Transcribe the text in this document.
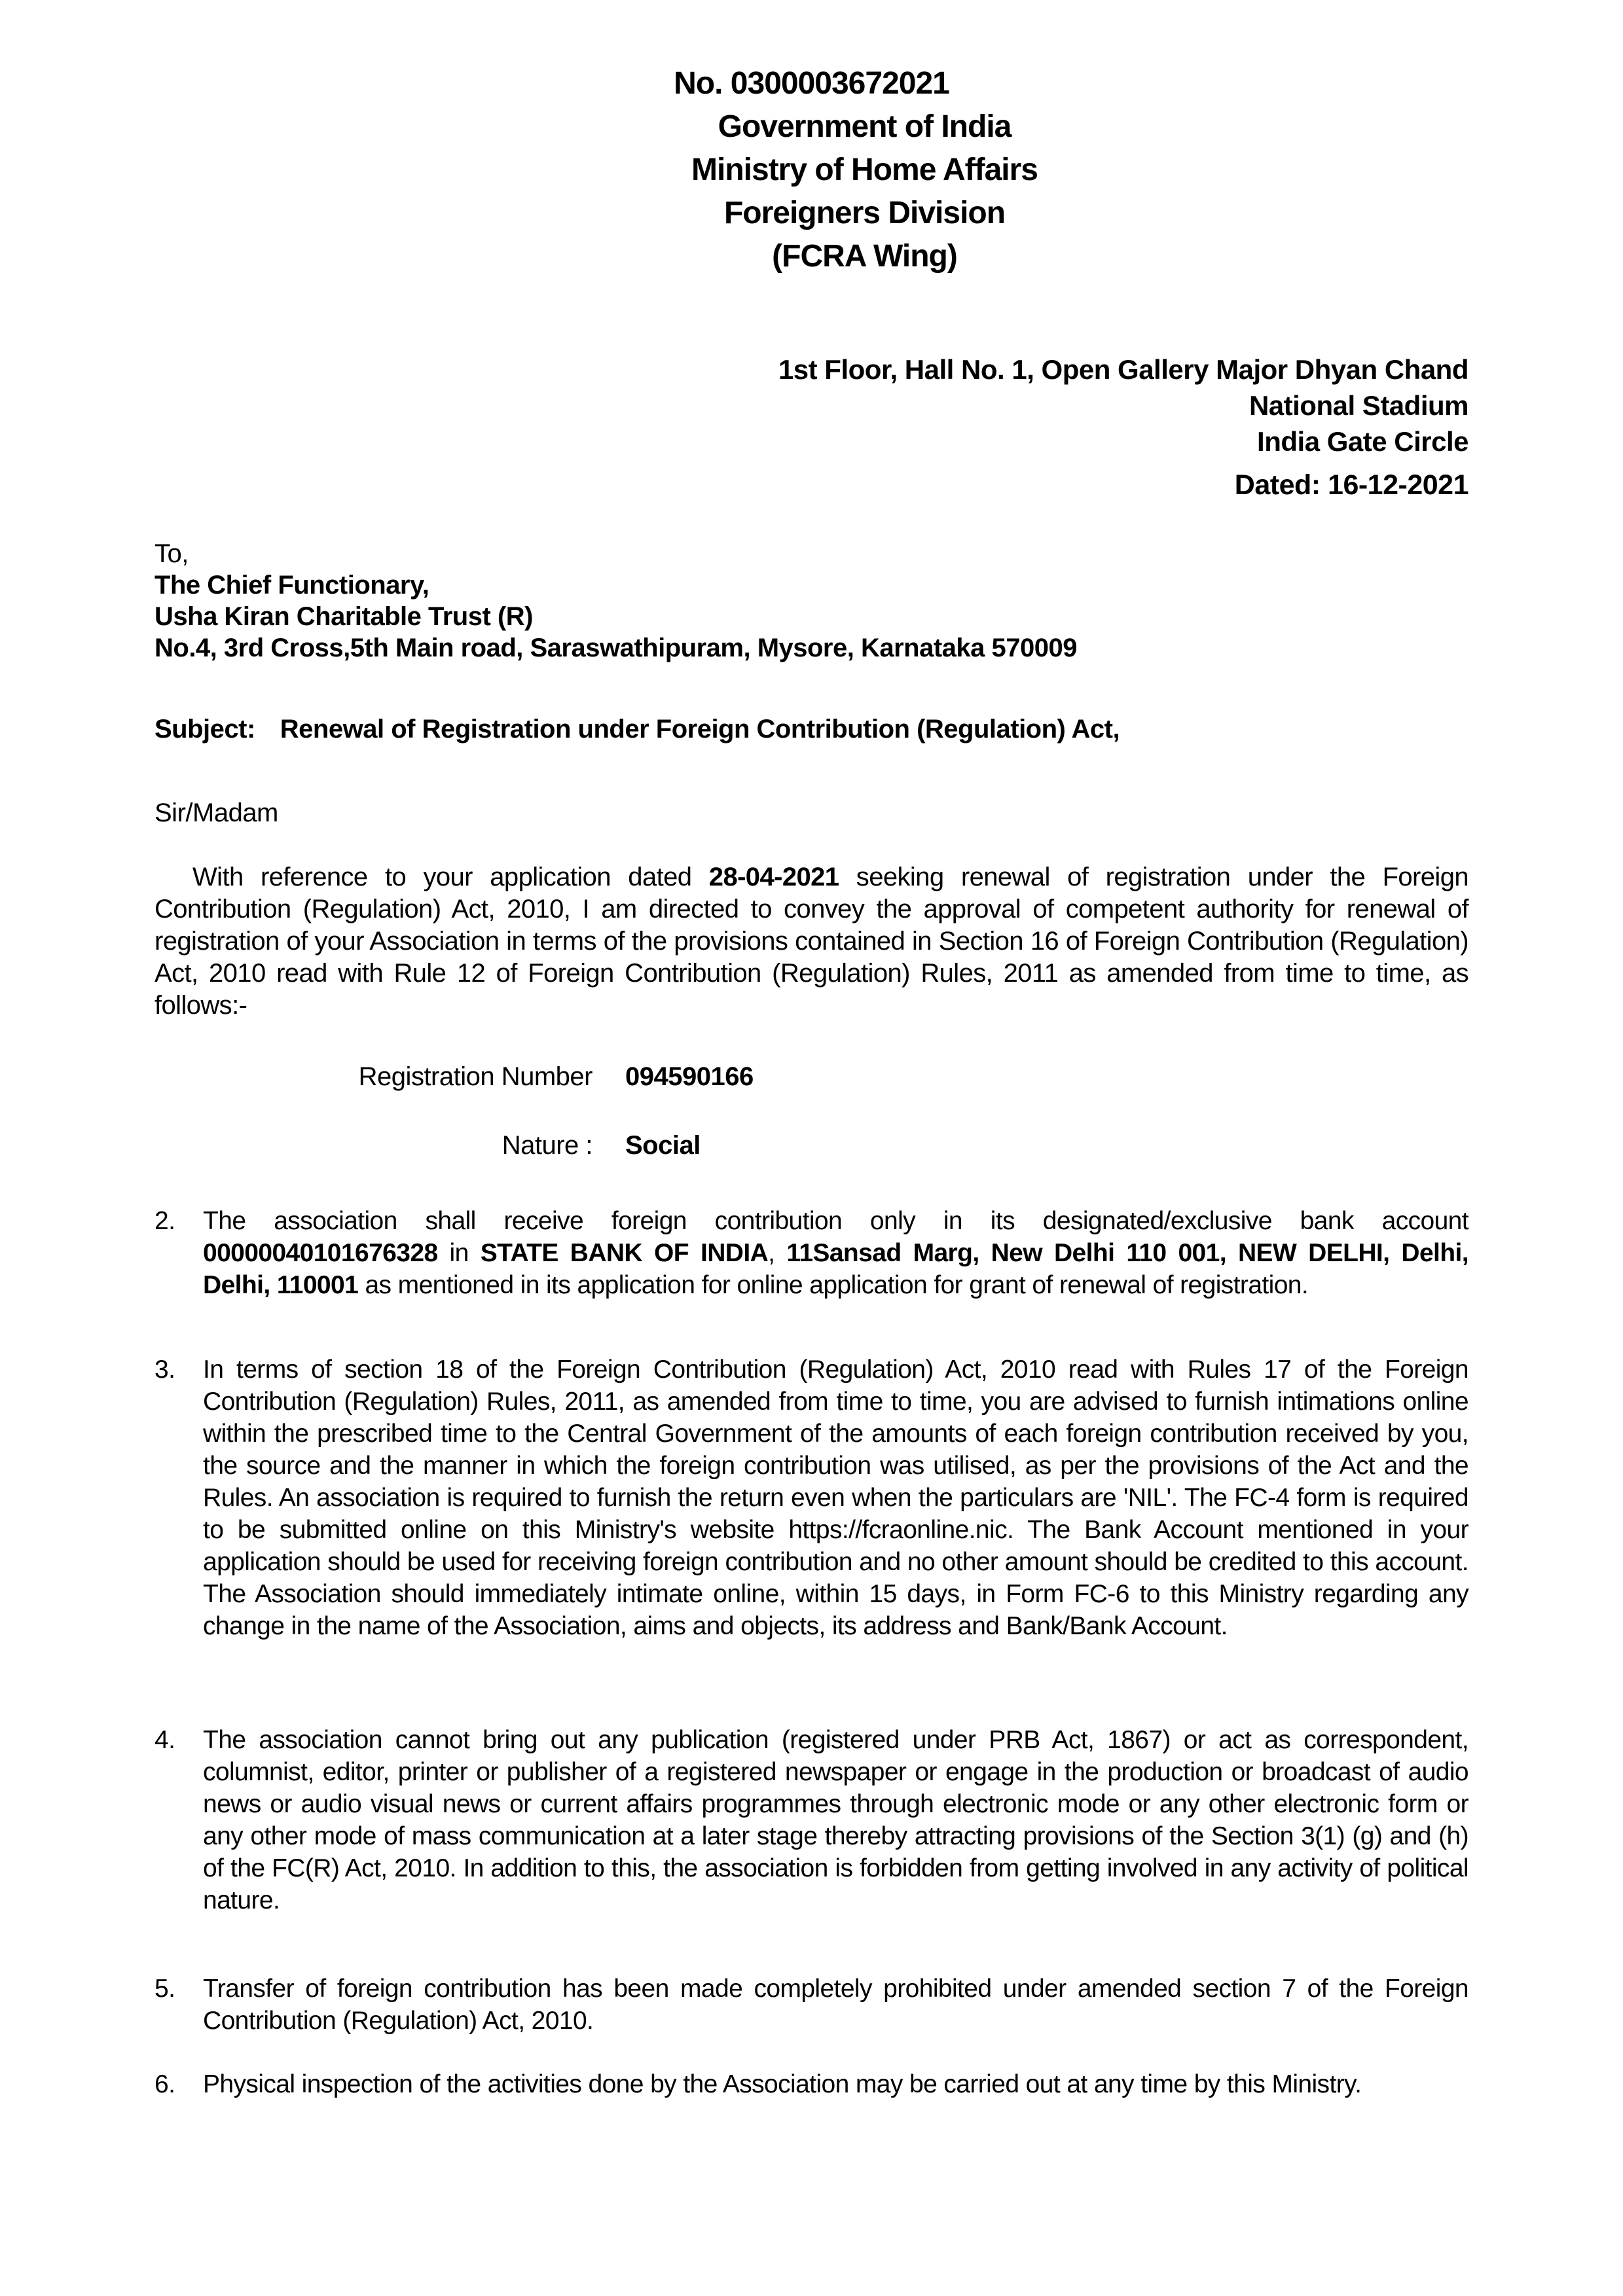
No. 0300003672021
Government of India
Ministry of Home Affairs
Foreigners Division
(FCRA Wing)
1st Floor, Hall No. 1, Open Gallery Major Dhyan Chand
National Stadium
India Gate Circle
Dated: 16-12-2021
To,
The Chief Functionary,
Usha Kiran Charitable Trust (R)
No.4, 3rd Cross,5th Main road, Saraswathipuram, Mysore, Karnataka 570009
Subject: Renewal of Registration under Foreign Contribution (Regulation) Act,
Sir/Madam
With reference to your application dated 28-04-2021 seeking renewal of registration under the Foreign Contribution (Regulation) Act, 2010, I am directed to convey the approval of competent authority for renewal of registration of your Association in terms of the provisions contained in Section 16 of Foreign Contribution (Regulation) Act, 2010 read with Rule 12 of Foreign Contribution (Regulation) Rules, 2011 as amended from time to time, as follows:-
Registration Number 094590166
Nature : Social
2.	The association shall receive foreign contribution only in its designated/exclusive bank account 00000040101676328 in STATE BANK OF INDIA, 11Sansad Marg, New Delhi 110 001, NEW DELHI, Delhi, Delhi, 110001 as mentioned in its application for online application for grant of renewal of registration.
3.	In terms of section 18 of the Foreign Contribution (Regulation) Act, 2010 read with Rules 17 of the Foreign Contribution (Regulation) Rules, 2011, as amended from time to time, you are advised to furnish intimations online within the prescribed time to the Central Government of the amounts of each foreign contribution received by you, the source and the manner in which the foreign contribution was utilised, as per the provisions of the Act and the Rules. An association is required to furnish the return even when the particulars are 'NIL'. The FC-4 form is required to be submitted online on this Ministry's website https://fcraonline.nic. The Bank Account mentioned in your application should be used for receiving foreign contribution and no other amount should be credited to this account. The Association should immediately intimate online, within 15 days, in Form FC-6 to this Ministry regarding any change in the name of the Association, aims and objects, its address and Bank/Bank Account.
4.	The association cannot bring out any publication (registered under PRB Act, 1867) or act as correspondent, columnist, editor, printer or publisher of a registered newspaper or engage in the production or broadcast of audio news or audio visual news or current affairs programmes through electronic mode or any other electronic form or any other mode of mass communication at a later stage thereby attracting provisions of the Section 3(1) (g) and (h) of the FC(R) Act, 2010. In addition to this, the association is forbidden from getting involved in any activity of political nature.
5.	Transfer of foreign contribution has been made completely prohibited under amended section 7 of the Foreign Contribution (Regulation) Act, 2010.
6.	Physical inspection of the activities done by the Association may be carried out at any time by this Ministry.
